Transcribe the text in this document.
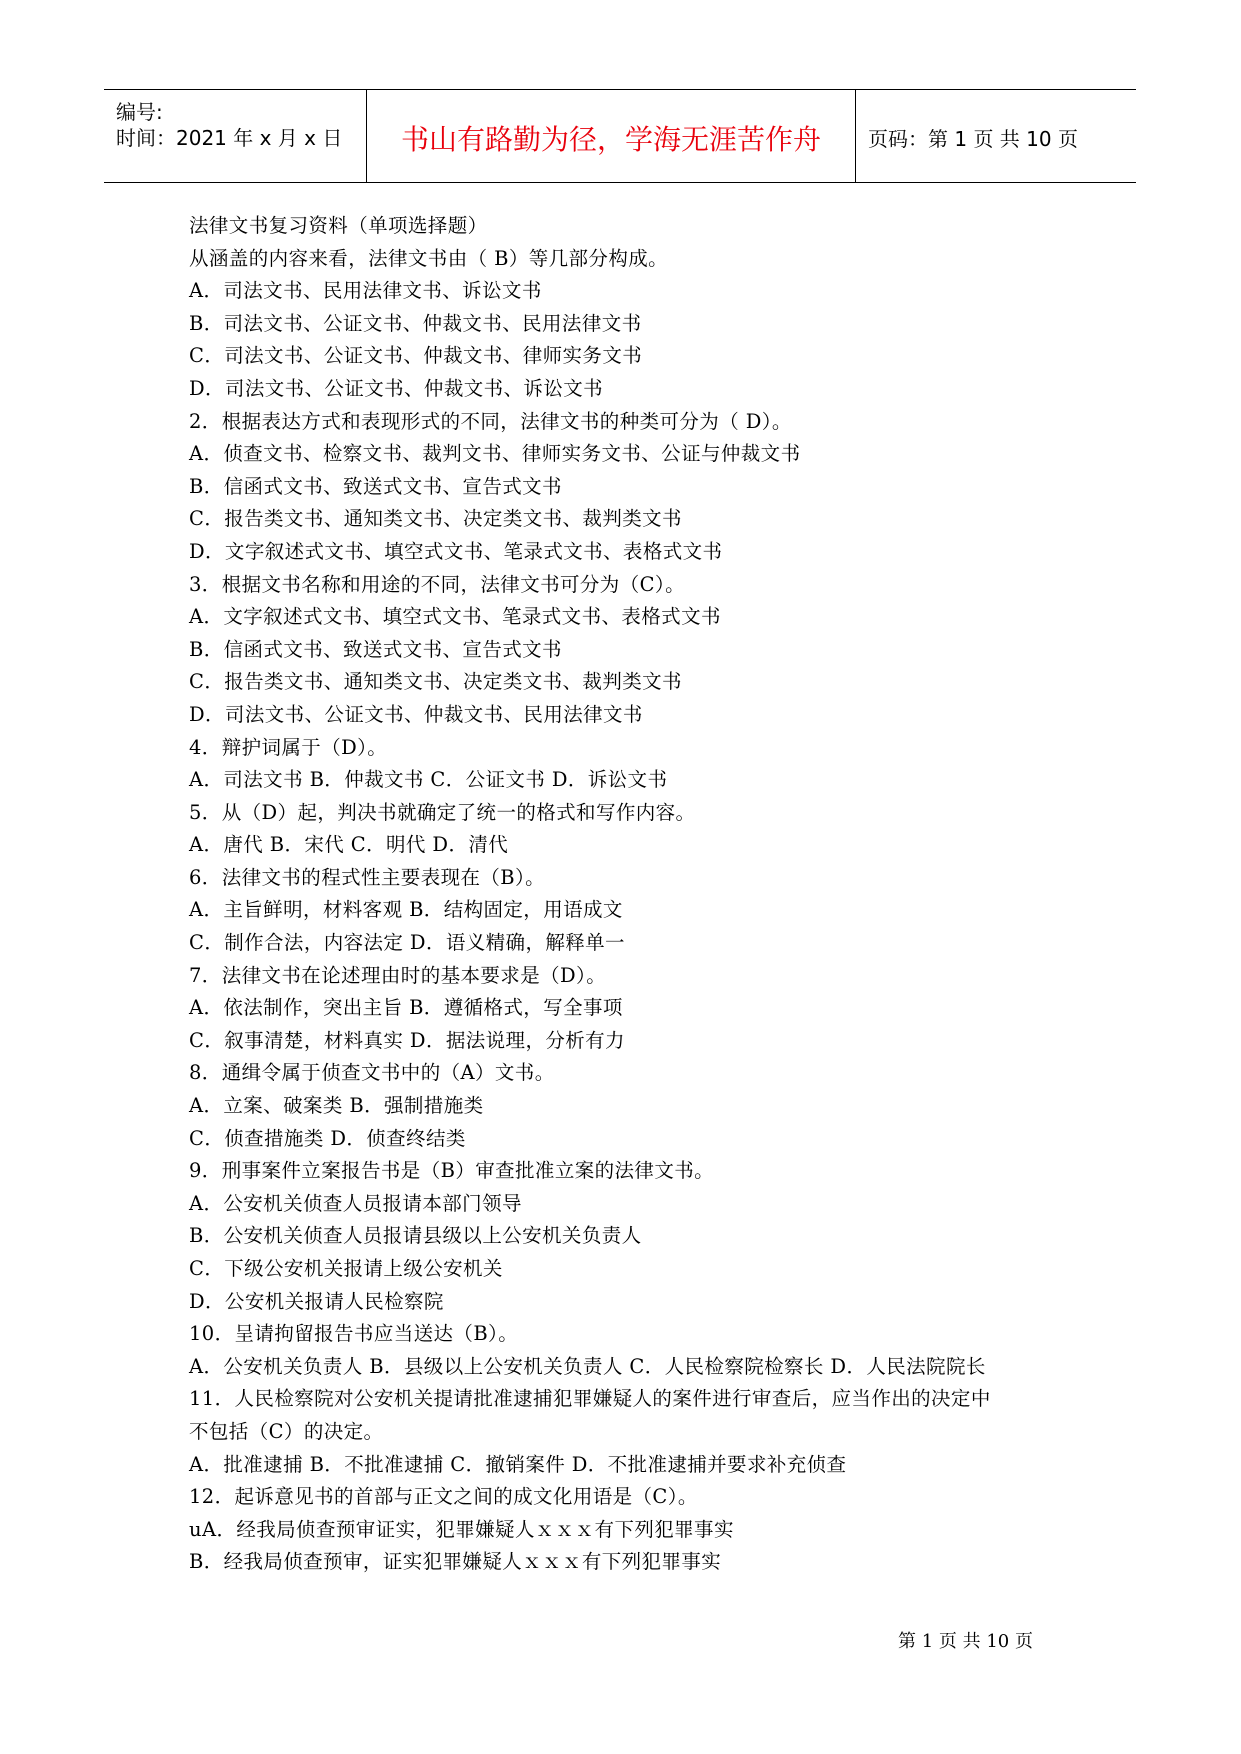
编号:
时间：2021 年 x 月 x 日	书山有路勤为径，学海无涯苦作舟	页码：第 1 页 共 10 页
法律文书复习资料（单项选择题）
从涵盖的内容来看，法律文书由（ B）等几部分构成。
A．司法文书、民用法律文书、诉讼文书
B．司法文书、公证文书、仲裁文书、民用法律文书
C．司法文书、公证文书、仲裁文书、律师实务文书
D．司法文书、公证文书、仲裁文书、诉讼文书
2．根据表达方式和表现形式的不同，法律文书的种类可分为（ D）。
A．侦查文书、检察文书、裁判文书、律师实务文书、公证与仲裁文书
B．信函式文书、致送式文书、宣告式文书
C．报告类文书、通知类文书、决定类文书、裁判类文书
D．文字叙述式文书、填空式文书、笔录式文书、表格式文书
3．根据文书名称和用途的不同，法律文书可分为（C）。
A．文字叙述式文书、填空式文书、笔录式文书、表格式文书
B．信函式文书、致送式文书、宣告式文书
C．报告类文书、通知类文书、决定类文书、裁判类文书
D．司法文书、公证文书、仲裁文书、民用法律文书
4．辩护词属于（D）。
A．司法文书 B．仲裁文书 C．公证文书 D．诉讼文书
5．从（D）起，判决书就确定了统一的格式和写作内容。
A．唐代 B．宋代 C．明代 D．清代
6．法律文书的程式性主要表现在（B）。
A．主旨鲜明，材料客观 B．结构固定，用语成文
C．制作合法，内容法定 D．语义精确，解释单一
7．法律文书在论述理由时的基本要求是（D）。
A．依法制作，突出主旨 B．遵循格式，写全事项
C．叙事清楚，材料真实 D．据法说理，分析有力
8．通缉令属于侦查文书中的（A）文书。
A．立案、破案类 B．强制措施类
C．侦查措施类 D．侦查终结类
9．刑事案件立案报告书是（B）审查批准立案的法律文书。
A．公安机关侦查人员报请本部门领导
B．公安机关侦查人员报请县级以上公安机关负责人
C．下级公安机关报请上级公安机关
D．公安机关报请人民检察院
10．呈请拘留报告书应当送达（B）。
A．公安机关负责人 B．县级以上公安机关负责人 C．人民检察院检察长 D．人民法院院长
11．人民检察院对公安机关提请批准逮捕犯罪嫌疑人的案件进行审查后，应当作出的决定中
不包括（C）的决定。
A．批准逮捕 B．不批准逮捕 C．撤销案件 D．不批准逮捕并要求补充侦查
12．起诉意见书的首部与正文之间的成文化用语是（C）。
uA．经我局侦查预审证实，犯罪嫌疑人ｘｘｘ有下列犯罪事实
B．经我局侦查预审，证实犯罪嫌疑人ｘｘｘ有下列犯罪事实
第 1 页 共 10 页
